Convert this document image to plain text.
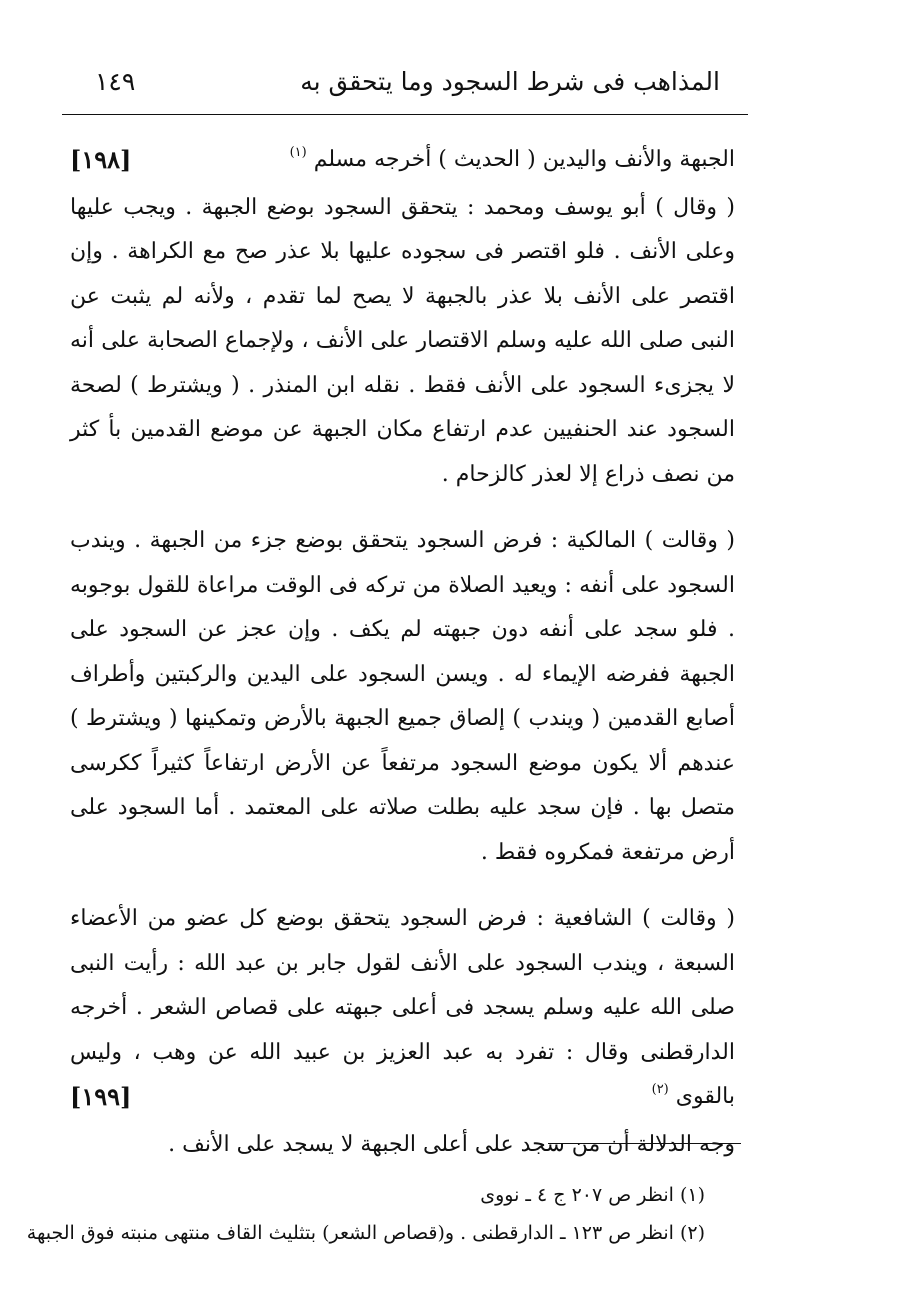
١٤٩	المذاهب فى شرط السجود وما يتحقق به

[١٩٨]	الجبهة والأنف واليدين ( الحديث ) أخرجه مسلم $^{(١)}$
( وقال ) أبو يوسف ومحمد : يتحقق السجود بوضع الجبهة . ويجب عليها وعلى الأنف . فلو اقتصر فى سجوده عليها بلا عذر صح مع الكراهة . وإن اقتصر على الأنف بلا عذر بالجبهة لا يصح لما تقدم ، ولأنه لم يثبت عن النبى صلى الله عليه وسلم الاقتصار على الأنف ، ولإجماع الصحابة على أنه لا يجزىء السجود على الأنف فقط . نقله ابن المنذر . ( ويشترط ) لصحة السجود عند الحنفيين عدم ارتفاع مكان الجبهة عن موضع القدمين بأ كثر من نصف ذراع إلا لعذر كالزحام .

( وقالت ) المالكية : فرض السجود يتحقق بوضع جزء من الجبهة . ويندب السجود على أنفه : ويعيد الصلاة من تركه فى الوقت مراعاة للقول بوجوبه . فلو سجد على أنفه دون جبهته لم يكف . وإن عجز عن السجود على الجبهة ففرضه الإيماء له . ويسن السجود على اليدين والركبتين وأطراف أصابع القدمين ( ويندب ) إلصاق جميع الجبهة بالأرض وتمكينها ( ويشترط ) عندهم ألا يكون موضع السجود مرتفعاً عن الأرض ارتفاعاً كثيراً ككرسى متصل بها . فإن سجد عليه بطلت صلاته على المعتمد . أما السجود على أرض مرتفعة فمكروه فقط .

( وقالت ) الشافعية : فرض السجود يتحقق بوضع كل عضو من الأعضاء السبعة ، ويندب السجود على الأنف لقول جابر بن عبد الله : رأيت النبى صلى الله عليه وسلم يسجد فى أعلى جبهته على قصاص الشعر . أخرجه الدارقطنى وقال : تفرد به عبد العزيز بن عبيد الله عن وهب ، وليس بالقوى $^{(٢)}$
[١٩٩]

وجه الدلالة أن من سجد على أعلى الجبهة لا يسجد على الأنف .

(١) انظر ص ٢٠٧ ج ٤ ـ نووى
(٢) انظر ص ١٢٣ ـ الدارقطنى . و(قصاص الشعر) بتثليث القاف منتهى منبته فوق الجبهة
